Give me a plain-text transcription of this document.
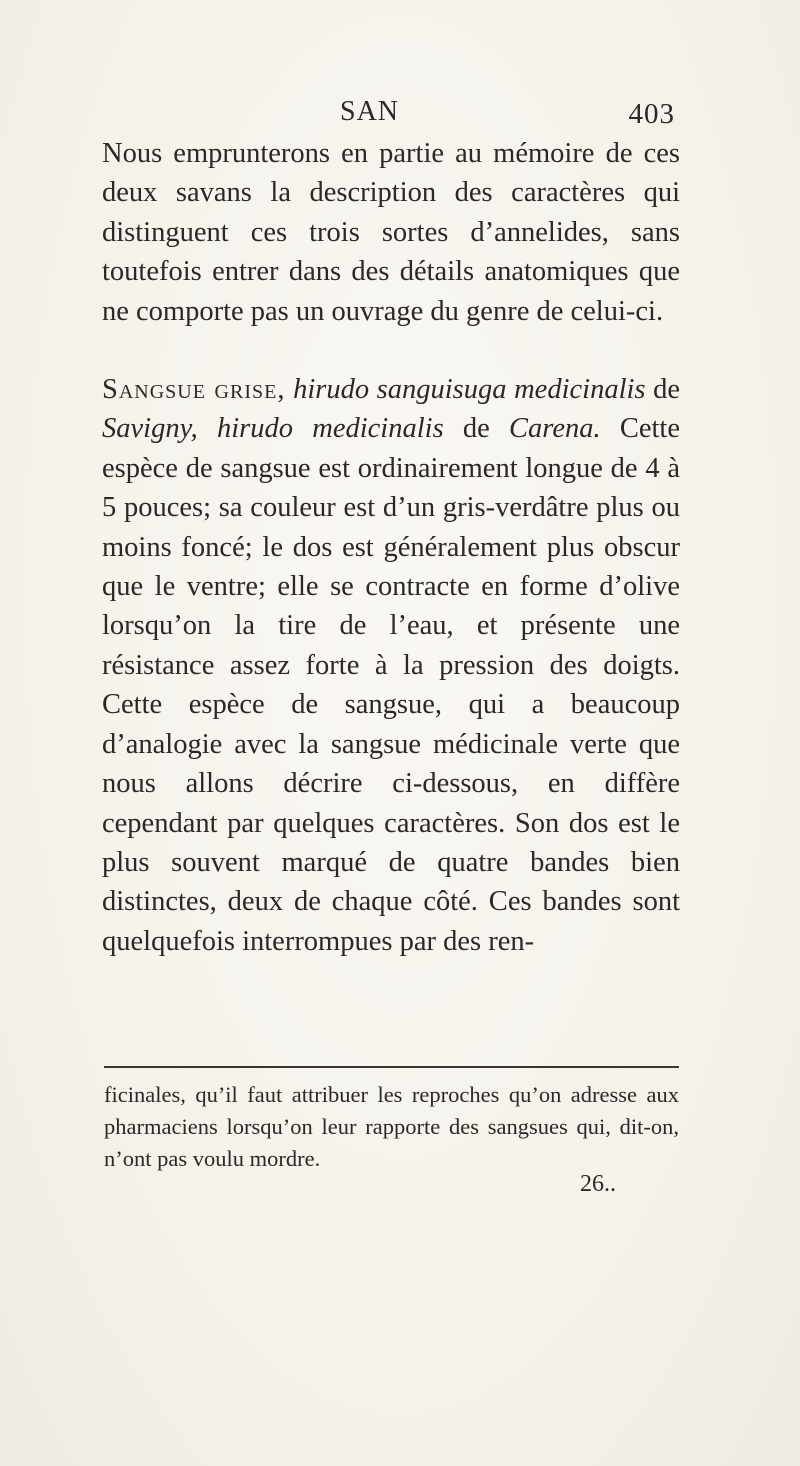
SAN	403

Nous emprunterons en partie au mémoire de ces deux savans la description des caractères qui distinguent ces trois sortes d’annelides, sans toutefois entrer dans des détails anatomiques que ne comporte pas un ouvrage du genre de celui-ci.

Sangsue grise, hirudo sanguisuga medicinalis de Savigny, hirudo medicinalis de Carena. Cette espèce de sangsue est ordinairement longue de 4 à 5 pouces; sa couleur est d’un gris-verdâtre plus ou moins foncé; le dos est généralement plus obscur que le ventre; elle se contracte en forme d’olive lorsqu’on la tire de l’eau, et présente une résistance assez forte à la pression des doigts. Cette espèce de sangsue, qui a beaucoup d’analogie avec la sangsue médicinale verte que nous allons décrire ci-dessous, en diffère cependant par quelques caractères. Son dos est le plus souvent marqué de quatre bandes bien distinctes, deux de chaque côté. Ces bandes sont quelquefois interrompues par des ren-

ficinales, qu’il faut attribuer les reproches qu’on adresse aux pharmaciens lorsqu’on leur rapporte des sangsues qui, dit-on, n’ont pas voulu mordre.

26..
